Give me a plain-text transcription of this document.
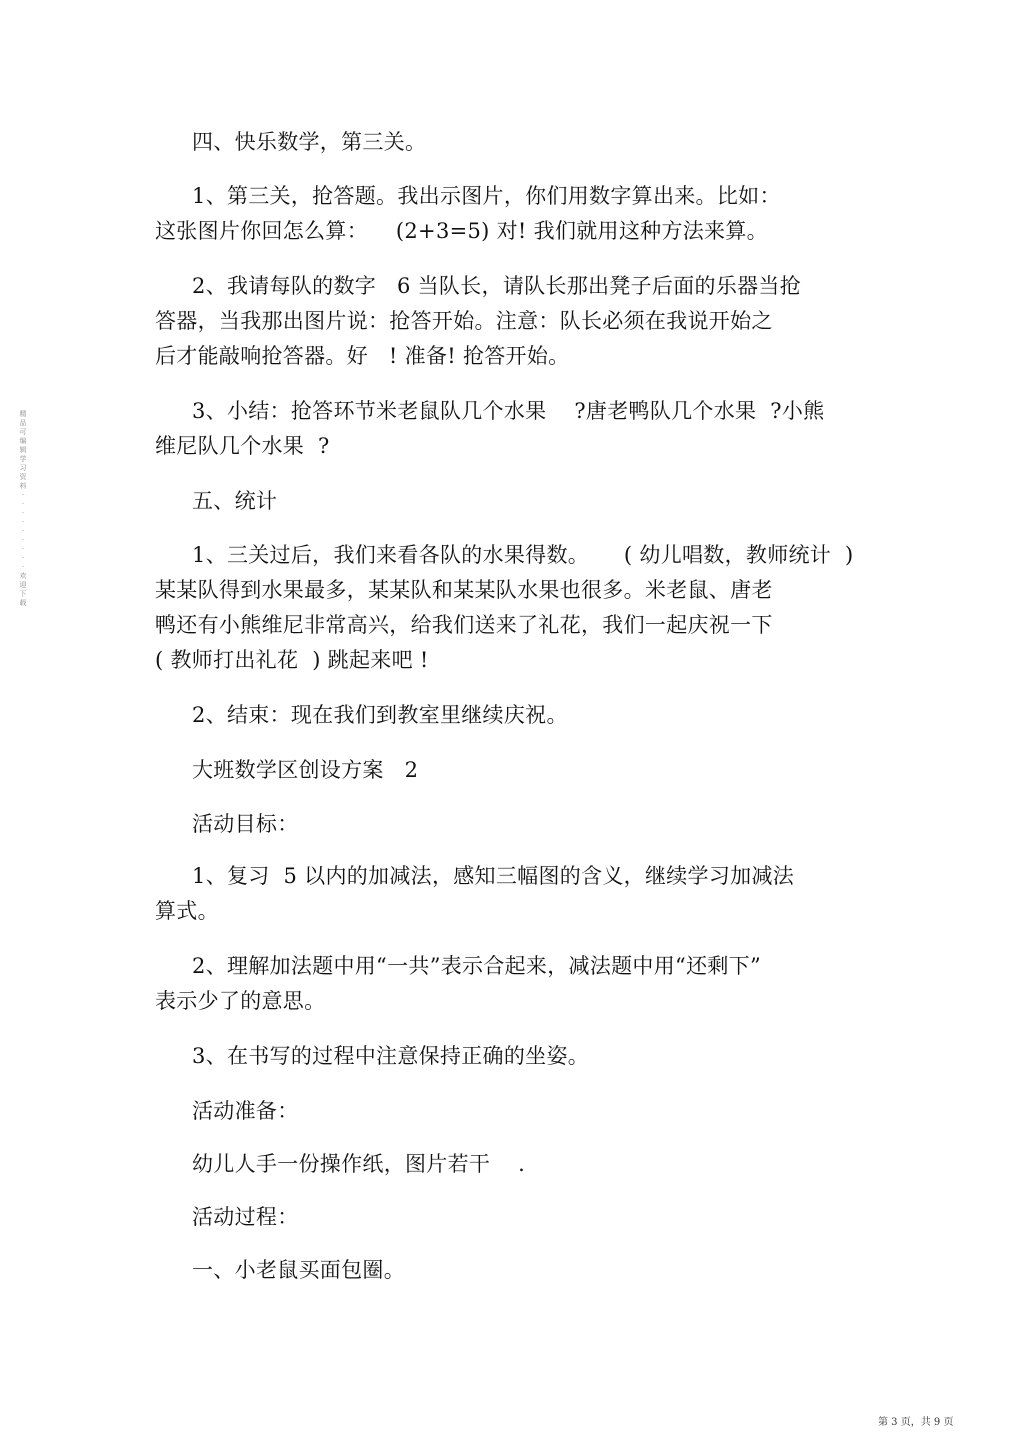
四、快乐数学，第三关。

1、第三关，抢答题。我出示图片，你们用数字算出来。比如：

这张图片你回怎么算：    (2+3=5) 对! 我们就用这种方法来算。

2、我请每队的数字   6 当队长，请队长那出凳子后面的乐器当抢

答器，当我那出图片说：抢答开始。注意：队长必须在我说开始之

后才能敲响抢答器。好   ! 准备! 抢答开始。

3、小结：抢答环节米老鼠队几个水果    ?唐老鸭队几个水果  ?小熊

维尼队几个水果  ?

五、统计

1、三关过后，我们来看各队的水果得数。     ( 幼儿唱数，教师统计  )

某某队得到水果最多，某某队和某某队水果也很多。米老鼠、唐老

鸭还有小熊维尼非常高兴，给我们送来了礼花，我们一起庆祝一下

( 教师打出礼花  ) 跳起来吧 !

2、结束：现在我们到教室里继续庆祝。

大班数学区创设方案   2

活动目标：

1、复习  5 以内的加减法，感知三幅图的含义，继续学习加减法

算式。

2、理解加法题中用“一共”表示合起来，减法题中用“还剩下”

表示少了的意思。

3、在书写的过程中注意保持正确的坐姿。

活动准备：

幼儿人手一份操作纸，图片若干    .

活动过程：

一、小老鼠买面包圈。

精
品
可
编
辑
学
习
资
料
·
·
·
·
·
·
·
·
·
欢
迎
下
载
第 3 页，共 9 页
